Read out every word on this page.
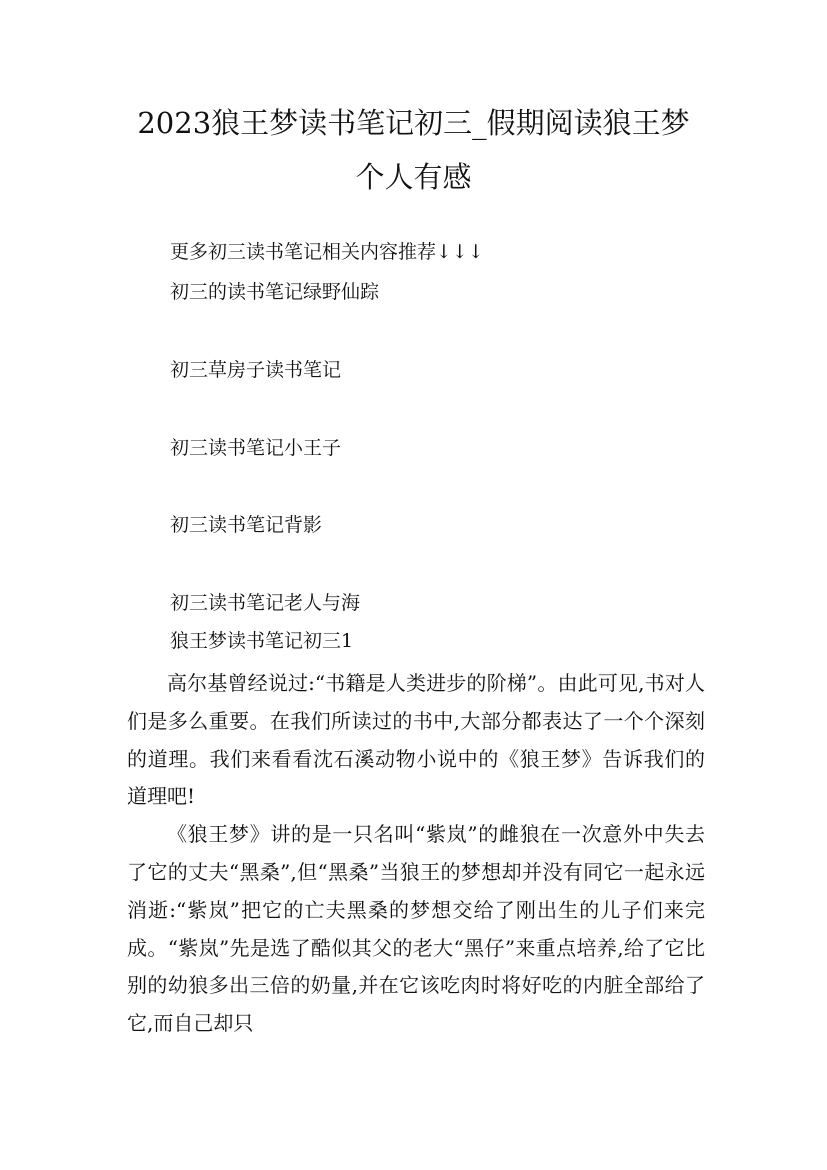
2023狼王梦读书笔记初三_假期阅读狼王梦
个人有感
更多初三读书笔记相关内容推荐↓↓↓
初三的读书笔记绿野仙踪
初三草房子读书笔记
初三读书笔记小王子
初三读书笔记背影
初三读书笔记老人与海
狼王梦读书笔记初三1

高尔基曾经说过:“书籍是人类进步的阶梯”。由此可见,书对人们是多么重要。在我们所读过的书中,大部分都表达了一个个深刻的道理。我们来看看沈石溪动物小说中的《狼王梦》告诉我们的道理吧!

《狼王梦》讲的是一只名叫“紫岚”的雌狼在一次意外中失去了它的丈夫“黑桑”,但“黑桑”当狼王的梦想却并没有同它一起永远消逝:“紫岚”把它的亡夫黑桑的梦想交给了刚出生的儿子们来完成。“紫岚”先是选了酷似其父的老大“黑仔”来重点培养,给了它比别的幼狼多出三倍的奶量,并在它该吃肉时将好吃的内脏全部给了它,而自己却只
